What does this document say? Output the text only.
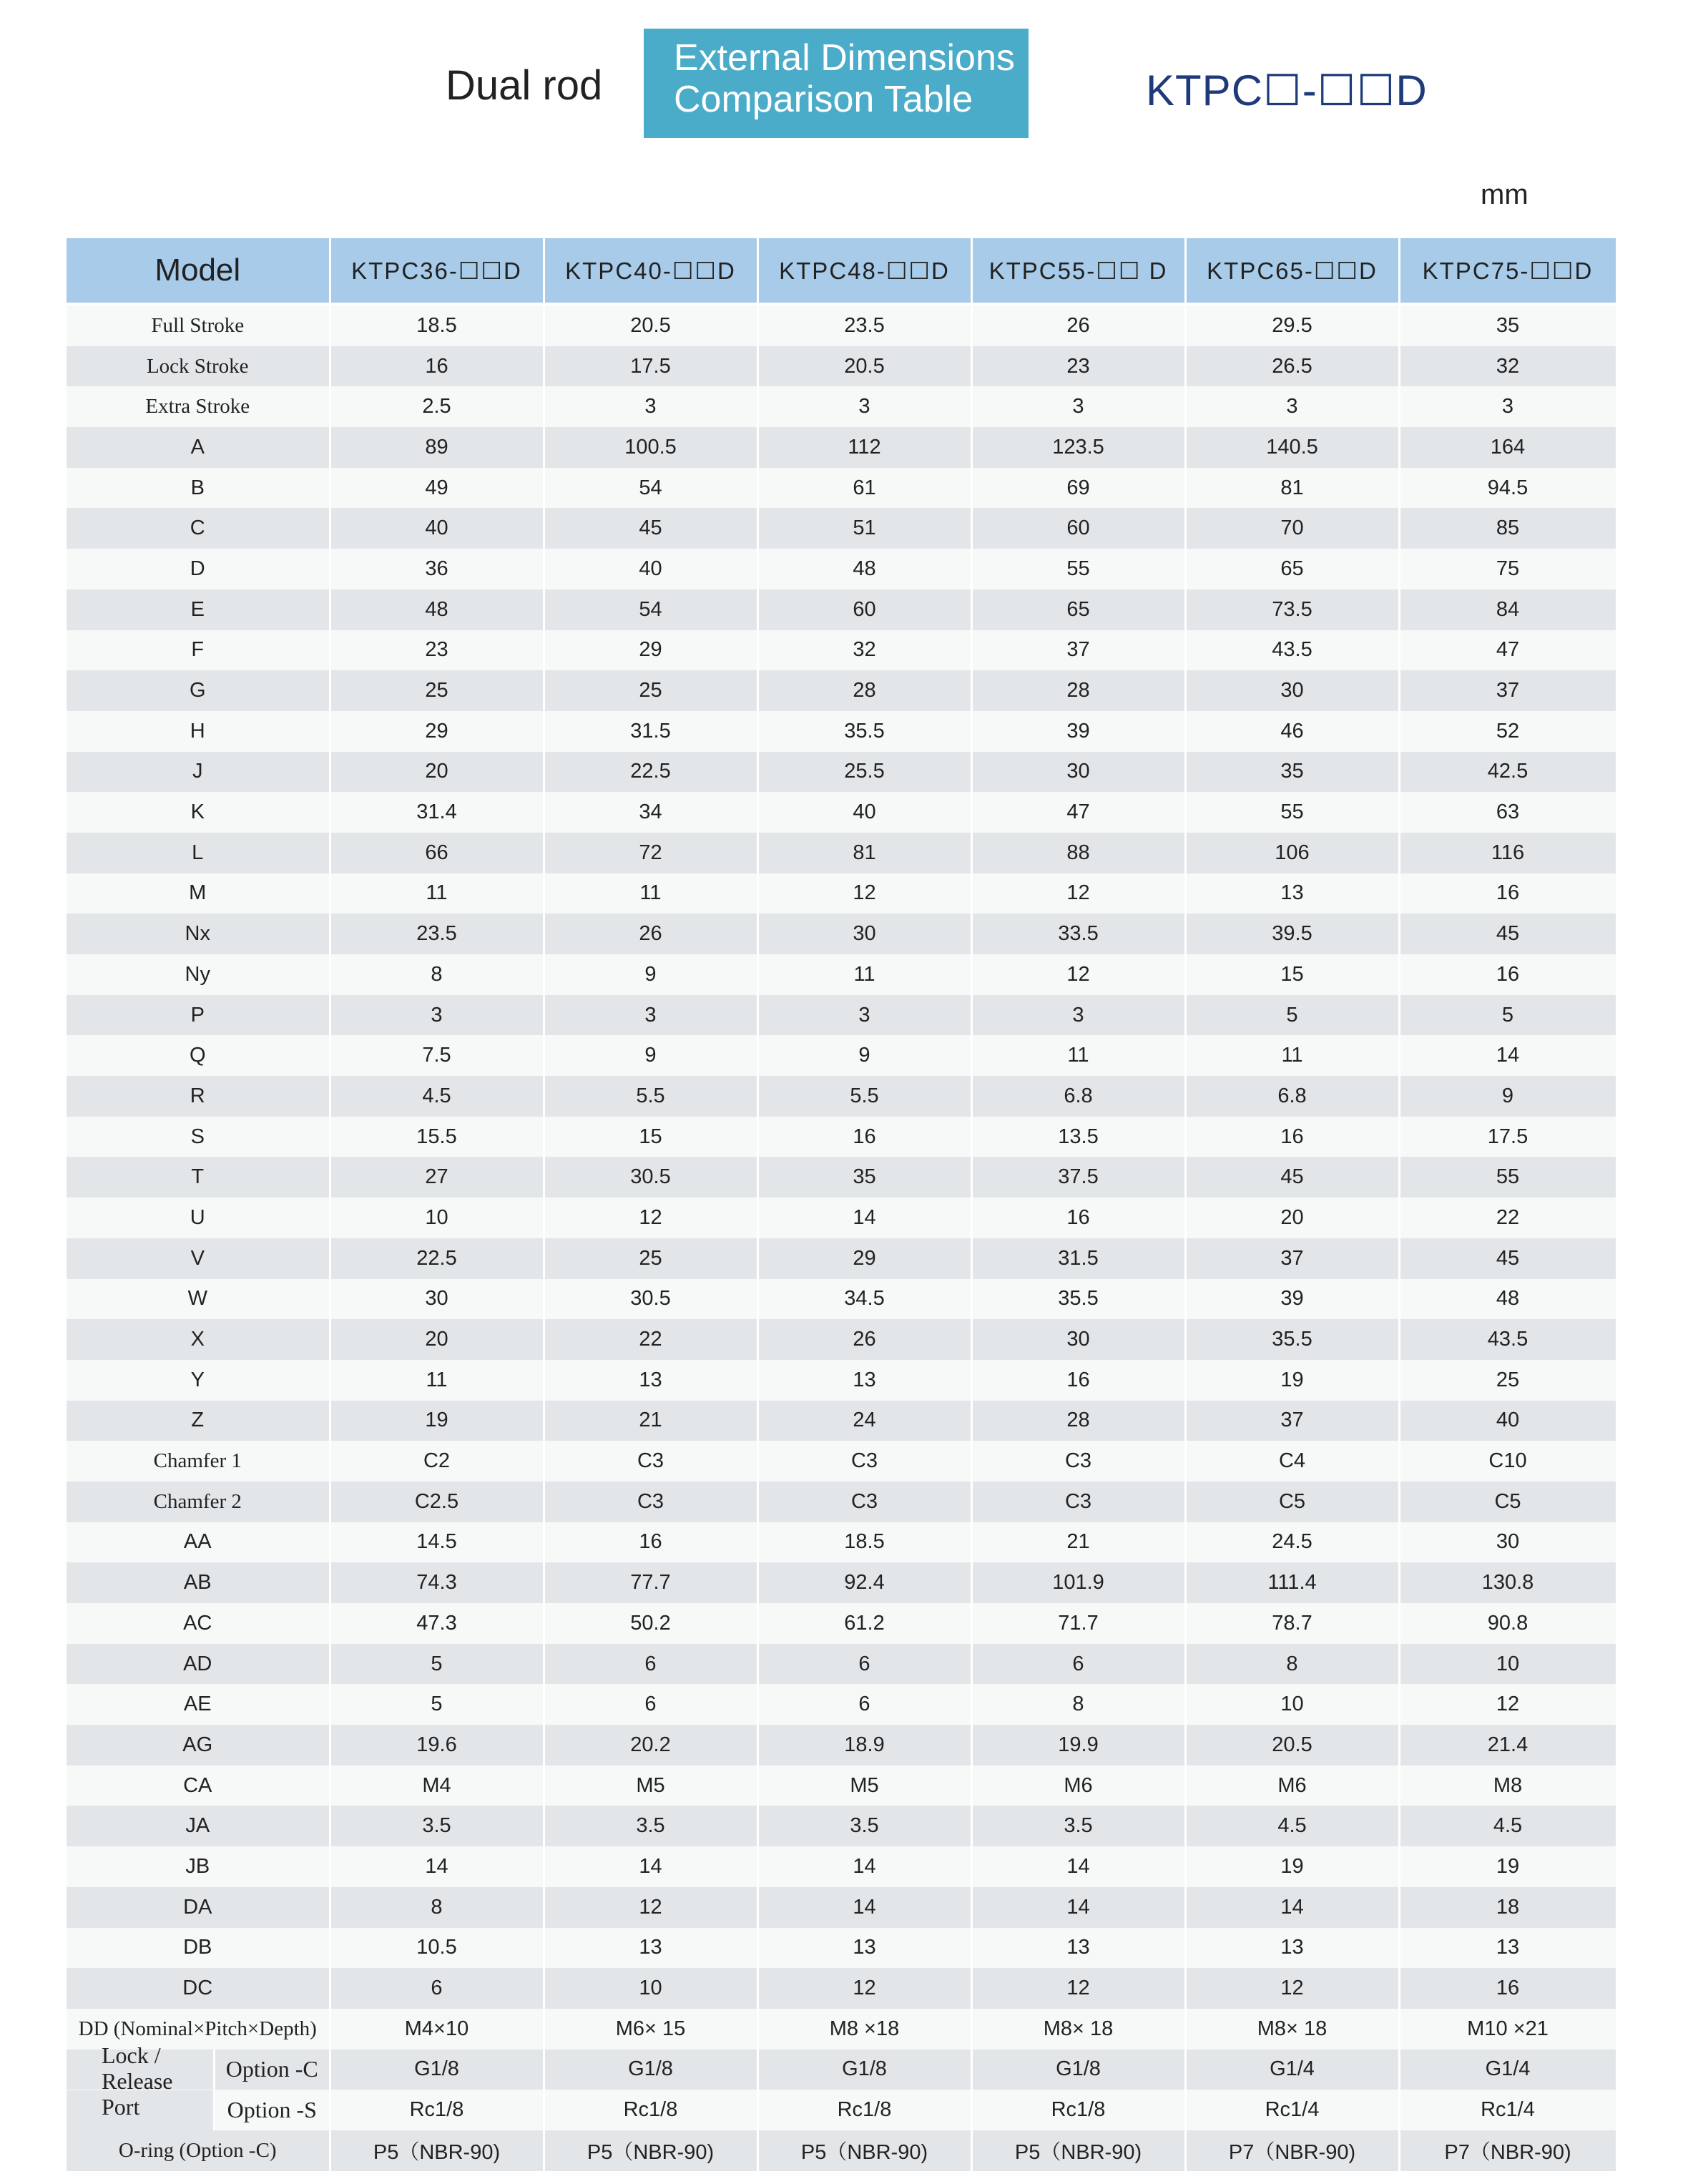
Dual rod
External Dimensions
Comparison Table	KTPC☐-☐☐D
mm
Model	KTPC36-☐☐D	KTPC40-☐☐D	KTPC48-☐☐D	KTPC55-☐☐ D	KTPC65-☐☐D	KTPC75-☐☐D
Full Stroke	18.5	20.5	23.5	26	29.5	35
Lock Stroke	16	17.5	20.5	23	26.5	32
Extra Stroke	2.5	3	3	3	3	3
A	89	100.5	112	123.5	140.5	164
B	49	54	61	69	81	94.5
C	40	45	51	60	70	85
D	36	40	48	55	65	75
E	48	54	60	65	73.5	84
F	23	29	32	37	43.5	47
G	25	25	28	28	30	37
H	29	31.5	35.5	39	46	52
J	20	22.5	25.5	30	35	42.5
K	31.4	34	40	47	55	63
L	66	72	81	88	106	116
M	11	11	12	12	13	16
Nx	23.5	26	30	33.5	39.5	45
Ny	8	9	11	12	15	16
P	3	3	3	3	5	5
Q	7.5	9	9	11	11	14
R	4.5	5.5	5.5	6.8	6.8	9
S	15.5	15	16	13.5	16	17.5
T	27	30.5	35	37.5	45	55
U	10	12	14	16	20	22
V	22.5	25	29	31.5	37	45
W	30	30.5	34.5	35.5	39	48
X	20	22	26	30	35.5	43.5
Y	11	13	13	16	19	25
Z	19	21	24	28	37	40
Chamfer 1	C2	C3	C3	C3	C4	C10
Chamfer 2	C2.5	C3	C3	C3	C5	C5
AA	14.5	16	18.5	21	24.5	30
AB	74.3	77.7	92.4	101.9	111.4	130.8
AC	47.3	50.2	61.2	71.7	78.7	90.8
AD	5	6	6	6	8	10
AE	5	6	6	8	10	12
AG	19.6	20.2	18.9	19.9	20.5	21.4
CA	M4	M5	M5	M6	M6	M8
JA	3.5	3.5	3.5	3.5	4.5	4.5
JB	14	14	14	14	19	19
DA	8	12	14	14	14	18
DB	10.5	13	13	13	13	13
DC	6	10	12	12	12	16
DD (Nominal×Pitch×Depth)	M4×10	M6× 15	M8 ×18	M8× 18	M8× 18	M10 ×21

Option -C	G1/8	G1/8	G1/8	G1/8	G1/4	G1/4

Option -S	Rc1/8	Rc1/8	Rc1/8	Rc1/8	Rc1/4	Rc1/4
O-ring (Option -C)	P5（NBR-90)	P5（NBR-90)	P5（NBR-90)	P5（NBR-90)	P7（NBR-90)	P7（NBR-90)
Lock / Release Port
